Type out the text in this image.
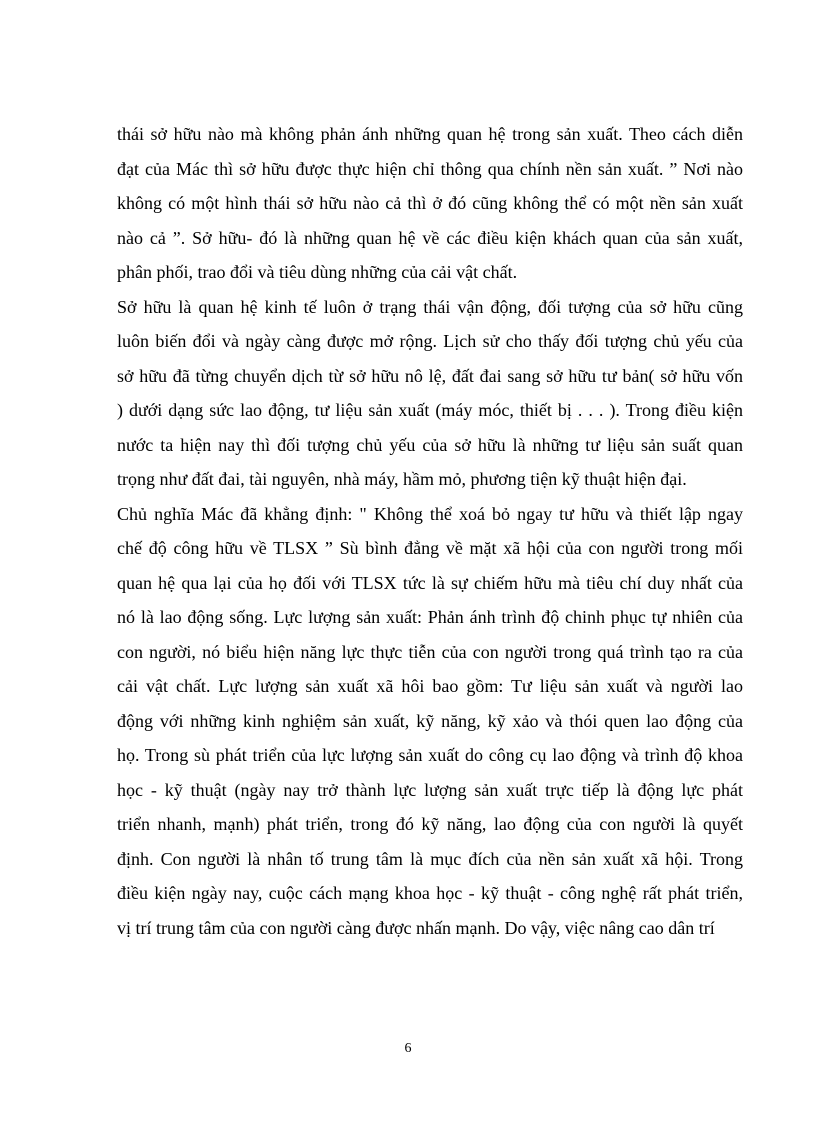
thái sở hữu nào mà không phản ánh những quan hệ trong sản xuất. Theo cách diễn
đạt của Mác thì sở hữu được thực hiện chỉ thông qua chính nền sản xuất. ” Nơi nào
không có một hình thái sở hữu nào cả thì ở đó cũng không thể có một nền sản xuất
nào cả ”. Sở hữu- đó là những quan hệ về các điều kiện khách quan của sản xuất,
phân phối, trao đổi và tiêu dùng những của cải vật chất.
Sở hữu là quan hệ kinh tế luôn ở trạng thái vận động, đối tượng của sở hữu cũng
luôn biến đổi và ngày càng được mở rộng. Lịch sử cho thấy đối tượng chủ yếu của
sở hữu đã từng chuyển dịch từ sở hữu nô lệ, đất đai sang sở hữu tư bản( sở hữu vốn
) dưới dạng sức lao động, tư liệu sản xuất (máy móc, thiết bị . . . ). Trong điều kiện
nước ta hiện nay thì đối tượng chủ yếu của sở hữu là những tư liệu sản suất quan
trọng như đất đai, tài nguyên, nhà máy, hầm mỏ, phương tiện kỹ thuật hiện đại.
Chủ nghĩa Mác đã khẳng định: " Không thể xoá bỏ ngay tư hữu và thiết lập ngay
chế độ công hữu về TLSX ” Sù bình đẳng về mặt xã hội của con người trong mối
quan hệ qua lại của họ đối với TLSX tức là sự chiếm hữu mà tiêu chí duy nhất của
nó là lao động sống. Lực lượng sản xuất: Phản ánh trình độ chinh phục tự nhiên của
con người, nó biểu hiện năng lực thực tiễn của con người trong quá trình tạo ra của
cải vật chất. Lực lượng sản xuất xã hôi bao gồm: Tư liệu sản xuất và người lao
động với những kinh nghiệm sản xuất, kỹ năng, kỹ xảo và thói quen lao động của
họ. Trong sù phát triển của lực lượng sản xuất do công cụ lao động và trình độ khoa
học - kỹ thuật (ngày nay trở thành lực lượng sản xuất trực tiếp là động lực phát
triển nhanh, mạnh) phát triển, trong đó kỹ năng, lao động của con người là quyết
định. Con người là nhân tố trung tâm là mục đích của nền sản xuất xã hội. Trong
điều kiện ngày nay, cuộc cách mạng khoa học - kỹ thuật - công nghệ rất phát triển,
vị trí trung tâm của con người càng được nhấn mạnh. Do vậy, việc nâng cao dân trí
6
